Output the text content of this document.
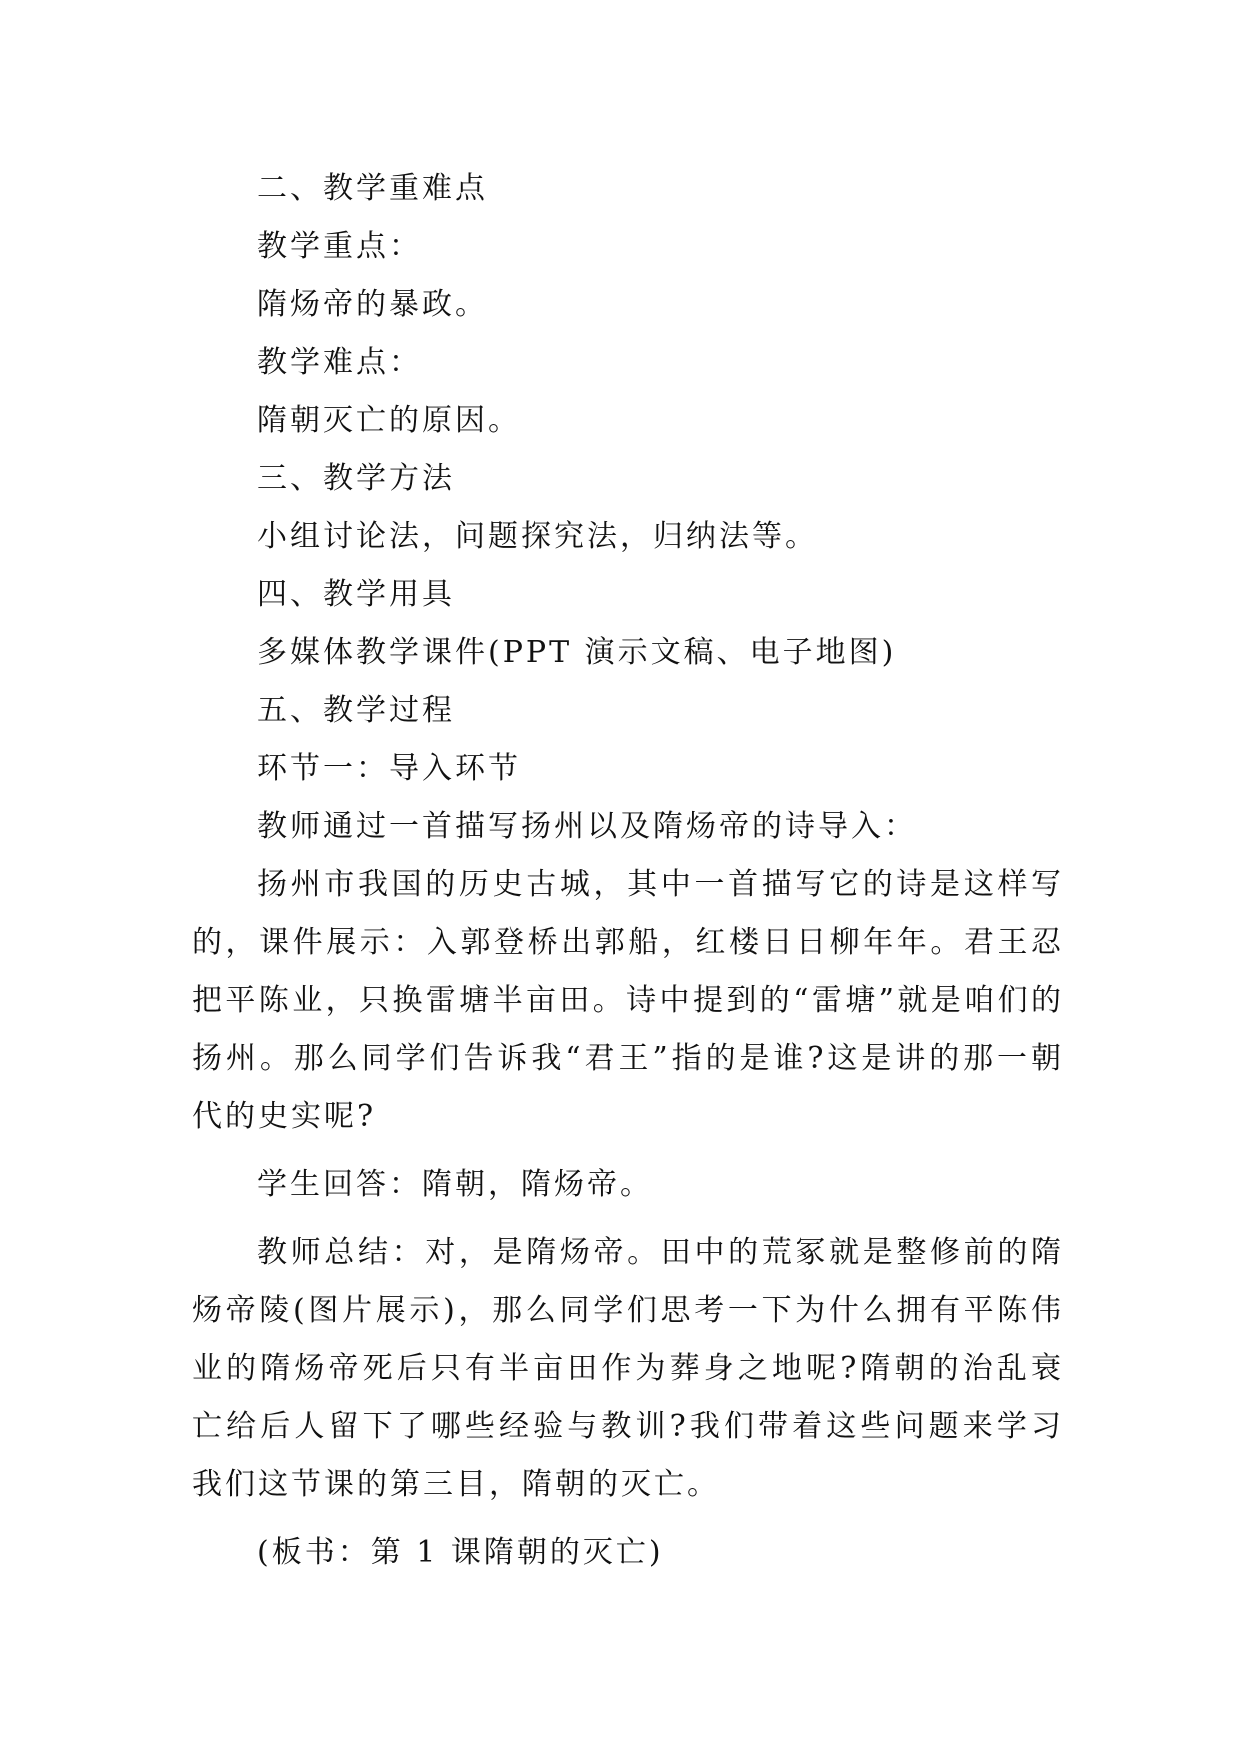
二、教学重难点

教学重点：

隋炀帝的暴政。

教学难点：

隋朝灭亡的原因。

三、教学方法

小组讨论法，问题探究法，归纳法等。

四、教学用具

多媒体教学课件(PPT 演示文稿、电子地图)

五、教学过程

环节一：导入环节

教师通过一首描写扬州以及隋炀帝的诗导入：

扬州市我国的历史古城，其中一首描写它的诗是这样写的，课件展示：入郭登桥出郭船，红楼日日柳年年。君王忍把平陈业，只换雷塘半亩田。诗中提到的“雷塘”就是咱们的扬州。那么同学们告诉我“君王”指的是谁?这是讲的那一朝代的史实呢?

学生回答：隋朝，隋炀帝。

教师总结：对，是隋炀帝。田中的荒冢就是整修前的隋炀帝陵(图片展示)，那么同学们思考一下为什么拥有平陈伟业的隋炀帝死后只有半亩田作为葬身之地呢?隋朝的治乱衰亡给后人留下了哪些经验与教训?我们带着这些问题来学习我们这节课的第三目，隋朝的灭亡。

(板书：第 1 课隋朝的灭亡)
